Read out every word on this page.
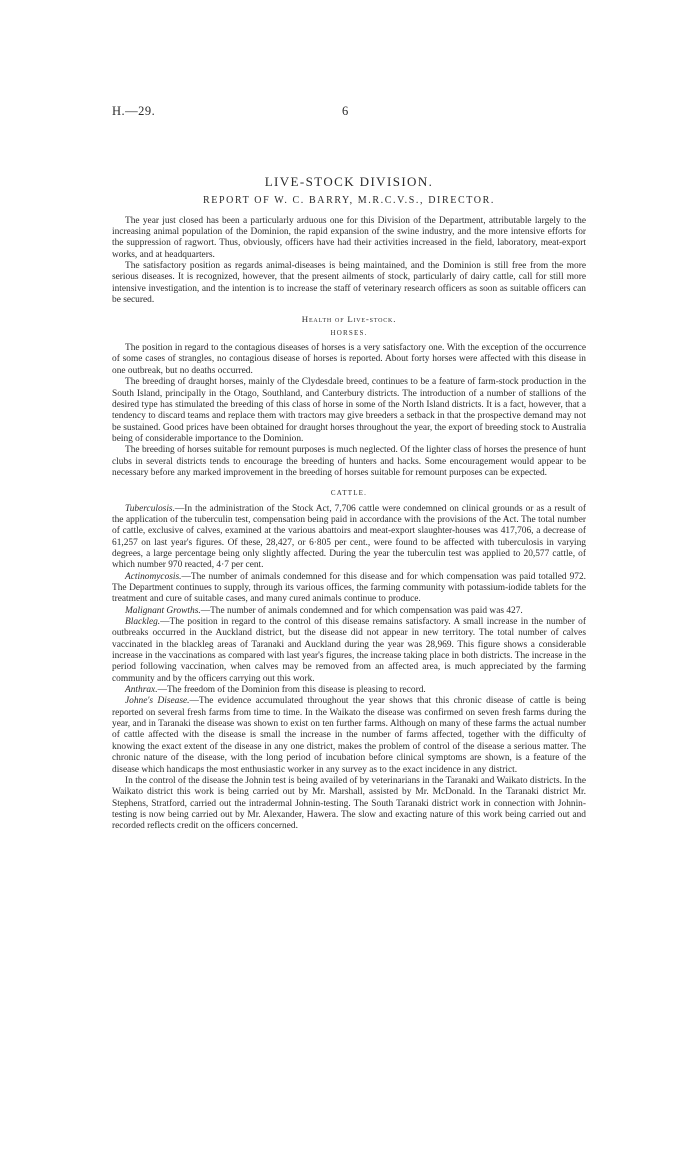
H.—29.	6
LIVE-STOCK DIVISION.
REPORT OF W. C. BARRY, M.R.C.V.S., DIRECTOR.

The year just closed has been a particularly arduous one for this Division of the Department, attributable largely to the increasing animal population of the Dominion, the rapid expansion of the swine industry, and the more intensive efforts for the suppression of ragwort. Thus, obviously, officers have had their activities increased in the field, laboratory, meat-export works, and at headquarters.

The satisfactory position as regards animal-diseases is being maintained, and the Dominion is still free from the more serious diseases. It is recognized, however, that the present ailments of stock, particularly of dairy cattle, call for still more intensive investigation, and the intention is to increase the staff of veterinary research officers as soon as suitable officers can be secured.

Health of Live-stock.
HORSES.

The position in regard to the contagious diseases of horses is a very satisfactory one. With the exception of the occurrence of some cases of strangles, no contagious disease of horses is reported. About forty horses were affected with this disease in one outbreak, but no deaths occurred.

The breeding of draught horses, mainly of the Clydesdale breed, continues to be a feature of farm-stock production in the South Island, principally in the Otago, Southland, and Canterbury districts. The introduction of a number of stallions of the desired type has stimulated the breeding of this class of horse in some of the North Island districts. It is a fact, however, that a tendency to discard teams and replace them with tractors may give breeders a setback in that the prospective demand may not be sustained. Good prices have been obtained for draught horses throughout the year, the export of breeding stock to Australia being of considerable importance to the Dominion.

The breeding of horses suitable for remount purposes is much neglected. Of the lighter class of horses the presence of hunt clubs in several districts tends to encourage the breeding of hunters and hacks. Some encouragement would appear to be necessary before any marked improvement in the breeding of horses suitable for remount purposes can be expected.

CATTLE.

Tuberculosis.—In the administration of the Stock Act, 7,706 cattle were condemned on clinical grounds or as a result of the application of the tuberculin test, compensation being paid in accordance with the provisions of the Act. The total number of cattle, exclusive of calves, examined at the various abattoirs and meat-export slaughter-houses was 417,706, a decrease of 61,257 on last year's figures. Of these, 28,427, or 6·805 per cent., were found to be affected with tuberculosis in varying degrees, a large percentage being only slightly affected. During the year the tuberculin test was applied to 20,577 cattle, of which number 970 reacted, 4·7 per cent.

Actinomycosis.—The number of animals condemned for this disease and for which compensation was paid totalled 972. The Department continues to supply, through its various offices, the farming community with potassium-iodide tablets for the treatment and cure of suitable cases, and many cured animals continue to produce.

Malignant Growths.—The number of animals condemned and for which compensation was paid was 427.

Blackleg.—The position in regard to the control of this disease remains satisfactory. A small increase in the number of outbreaks occurred in the Auckland district, but the disease did not appear in new territory. The total number of calves vaccinated in the blackleg areas of Taranaki and Auckland during the year was 28,969. This figure shows a considerable increase in the vaccinations as compared with last year's figures, the increase taking place in both districts. The increase in the period following vaccination, when calves may be removed from an affected area, is much appreciated by the farming community and by the officers carrying out this work.

Anthrax.—The freedom of the Dominion from this disease is pleasing to record.

Johne's Disease.—The evidence accumulated throughout the year shows that this chronic disease of cattle is being reported on several fresh farms from time to time. In the Waikato the disease was confirmed on seven fresh farms during the year, and in Taranaki the disease was shown to exist on ten further farms. Although on many of these farms the actual number of cattle affected with the disease is small the increase in the number of farms affected, together with the difficulty of knowing the exact extent of the disease in any one district, makes the problem of control of the disease a serious matter. The chronic nature of the disease, with the long period of incubation before clinical symptoms are shown, is a feature of the disease which handicaps the most enthusiastic worker in any survey as to the exact incidence in any district.

In the control of the disease the Johnin test is being availed of by veterinarians in the Taranaki and Waikato districts. In the Waikato district this work is being carried out by Mr. Marshall, assisted by Mr. McDonald. In the Taranaki district Mr. Stephens, Stratford, carried out the intradermal Johnin-testing. The South Taranaki district work in connection with Johnin-testing is now being carried out by Mr. Alexander, Hawera. The slow and exacting nature of this work being carried out and recorded reflects credit on the officers concerned.
